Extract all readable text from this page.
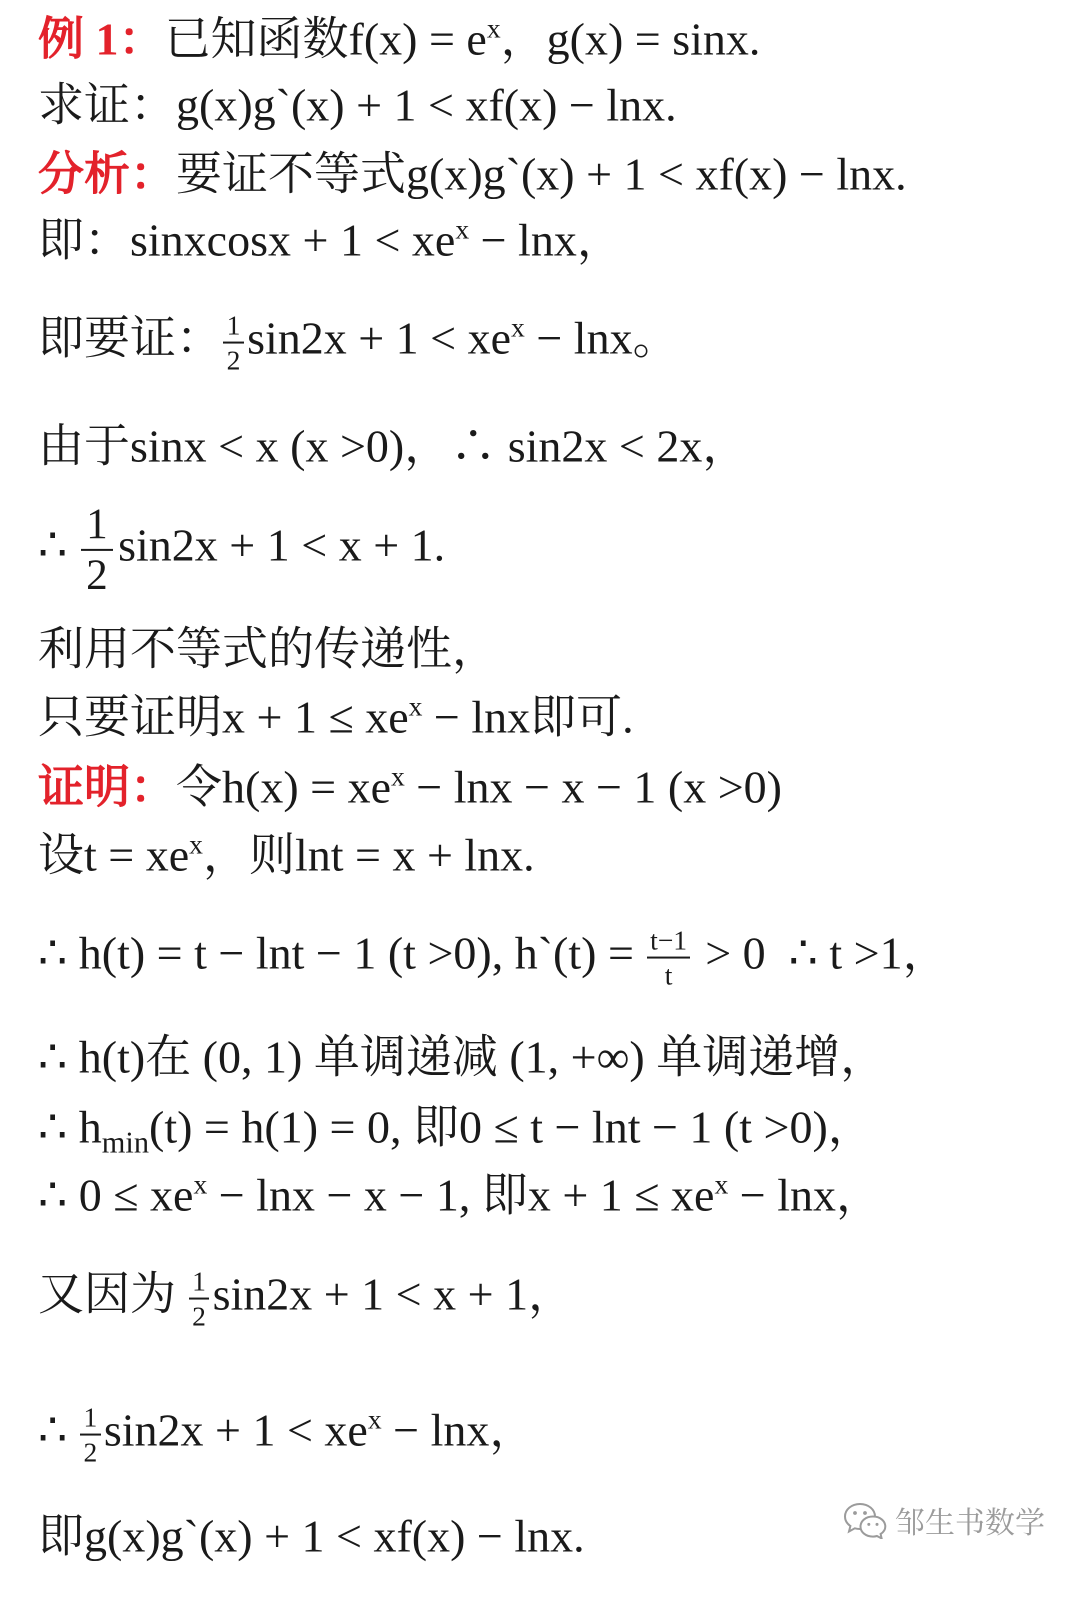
例 1：已知函数$f(x) = e^x$，g(x) = sinx.
求证：g(x)g`(x) + 1 < xf(x) − lnx.
分析：要证不等式g(x)g`(x) + 1 < xf(x) − lnx.
即：sinxcosx + $1 < xe^x - \ln x$，
即要证： $\frac{1}{2} \sin 2x + 1 < xe^x - \ln x$。
由于sinx < x (x >0)，∴ sin2x < 2x，
∴ $\frac{1}{2} \sin 2x + 1 < x + 1$.
利用不等式的传递性，
只要证明$x + 1 \le xe^x - \ln x$即可.
证明：令$h(x) = xe^x - \ln x - x - 1$ (x >0)
设$t = xe^x$，则lnt = x + lnx.
∴ h(t) = t − lnt − 1 (t >0), h`(t) = $\frac{t-1}{t} > 0$  ∴ t >1，
∴ h(t)在 (0, 1) 单调递减 (1, +∞) 单调递增，
∴ $h_{min}(t) = h(1) = 0$, 即0 ≤ t − lnt − 1 (t >0)，
∴ $0 \le xe^x - \ln x - x - 1$, 即$x + 1 \le xe^x - \ln x$，
又因为 $\frac{1}{2} \sin 2x + 1 < x + 1$，
∴ $\frac{1}{2} \sin 2x + 1 < xe^x - \ln x$，
即g(x)g`(x) + 1 < xf(x) − lnx.	邹生书数学
